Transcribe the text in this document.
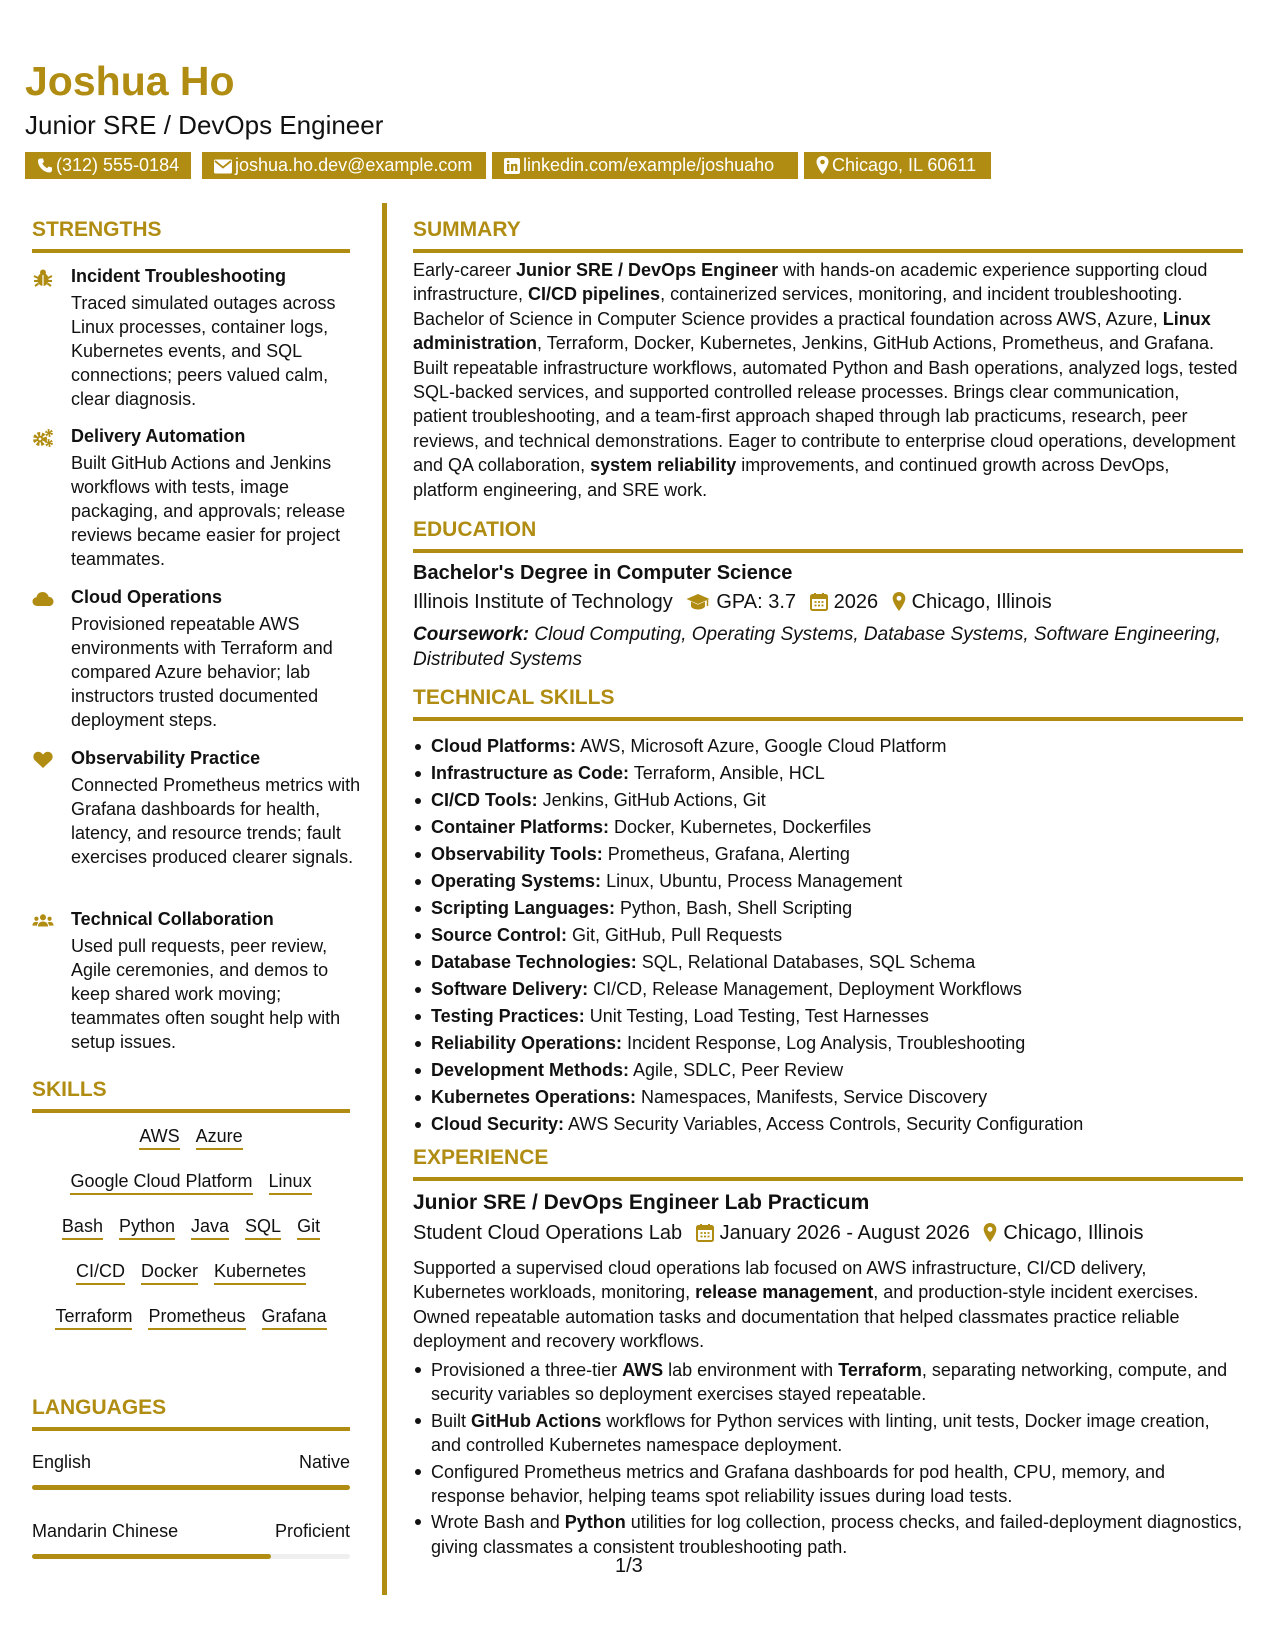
Joshua Ho
Junior SRE / DevOps Engineer
(312) 555-0184	joshua.ho.dev@example.com	linkedin.com/example/joshuaho	Chicago, IL 60611
STRENGTHS
Incident Troubleshooting
Traced simulated outages across Linux processes, container logs, Kubernetes events, and SQL connections; peers valued calm, clear diagnosis.
Delivery Automation
Built GitHub Actions and Jenkins workflows with tests, image packaging, and approvals; release reviews became easier for project teammates.
Cloud Operations
Provisioned repeatable AWS environments with Terraform and compared Azure behavior; lab instructors trusted documented deployment steps.
Observability Practice
Connected Prometheus metrics with Grafana dashboards for health, latency, and resource trends; fault exercises produced clearer signals.
Technical Collaboration
Used pull requests, peer review, Agile ceremonies, and demos to keep shared work moving; teammates often sought help with setup issues.
SKILLS
AWS Azure
Google Cloud Platform Linux
Bash Python Java SQL Git
CI/CD Docker Kubernetes
Terraform Prometheus Grafana
LANGUAGES
English	Native
Mandarin Chinese	Proficient
SUMMARY

Early-career Junior SRE / DevOps Engineer with hands-on academic experience supporting cloud infrastructure, CI/CD pipelines, containerized services, monitoring, and incident troubleshooting. Bachelor of Science in Computer Science provides a practical foundation across AWS, Azure, Linux administration, Terraform, Docker, Kubernetes, Jenkins, GitHub Actions, Prometheus, and Grafana. Built repeatable infrastructure workflows, automated Python and Bash operations, analyzed logs, tested SQL-backed services, and supported controlled release processes. Brings clear communication, patient troubleshooting, and a team-first approach shaped through lab practicums, research, peer reviews, and technical demonstrations. Eager to contribute to enterprise cloud operations, development and QA collaboration, system reliability improvements, and continued growth across DevOps, platform engineering, and SRE work.

EDUCATION
Bachelor's Degree in Computer Science
Illinois Institute of Technology GPA: 3.7 2026 Chicago, Illinois
Coursework: Cloud Computing, Operating Systems, Database Systems, Software Engineering, Distributed Systems
TECHNICAL SKILLS
Cloud Platforms: AWS, Microsoft Azure, Google Cloud Platform
Infrastructure as Code: Terraform, Ansible, HCL
CI/CD Tools: Jenkins, GitHub Actions, Git
Container Platforms: Docker, Kubernetes, Dockerfiles
Observability Tools: Prometheus, Grafana, Alerting
Operating Systems: Linux, Ubuntu, Process Management
Scripting Languages: Python, Bash, Shell Scripting
Source Control: Git, GitHub, Pull Requests
Database Technologies: SQL, Relational Databases, SQL Schema
Software Delivery: CI/CD, Release Management, Deployment Workflows
Testing Practices: Unit Testing, Load Testing, Test Harnesses
Reliability Operations: Incident Response, Log Analysis, Troubleshooting
Development Methods: Agile, SDLC, Peer Review
Kubernetes Operations: Namespaces, Manifests, Service Discovery
Cloud Security: AWS Security Variables, Access Controls, Security Configuration
EXPERIENCE
Junior SRE / DevOps Engineer Lab Practicum
Student Cloud Operations Lab January 2026 - August 2026 Chicago, Illinois

Supported a supervised cloud operations lab focused on AWS infrastructure, CI/CD delivery, Kubernetes workloads, monitoring, release management, and production-style incident exercises. Owned repeatable automation tasks and documentation that helped classmates practice reliable deployment and recovery workflows.

Provisioned a three-tier AWS lab environment with Terraform, separating networking, compute, and security variables so deployment exercises stayed repeatable.
Built GitHub Actions workflows for Python services with linting, unit tests, Docker image creation, and controlled Kubernetes namespace deployment.
Configured Prometheus metrics and Grafana dashboards for pod health, CPU, memory, and response behavior, helping teams spot reliability issues during load tests.
Wrote Bash and Python utilities for log collection, process checks, and failed-deployment diagnostics, giving classmates a consistent troubleshooting path.
1/3
